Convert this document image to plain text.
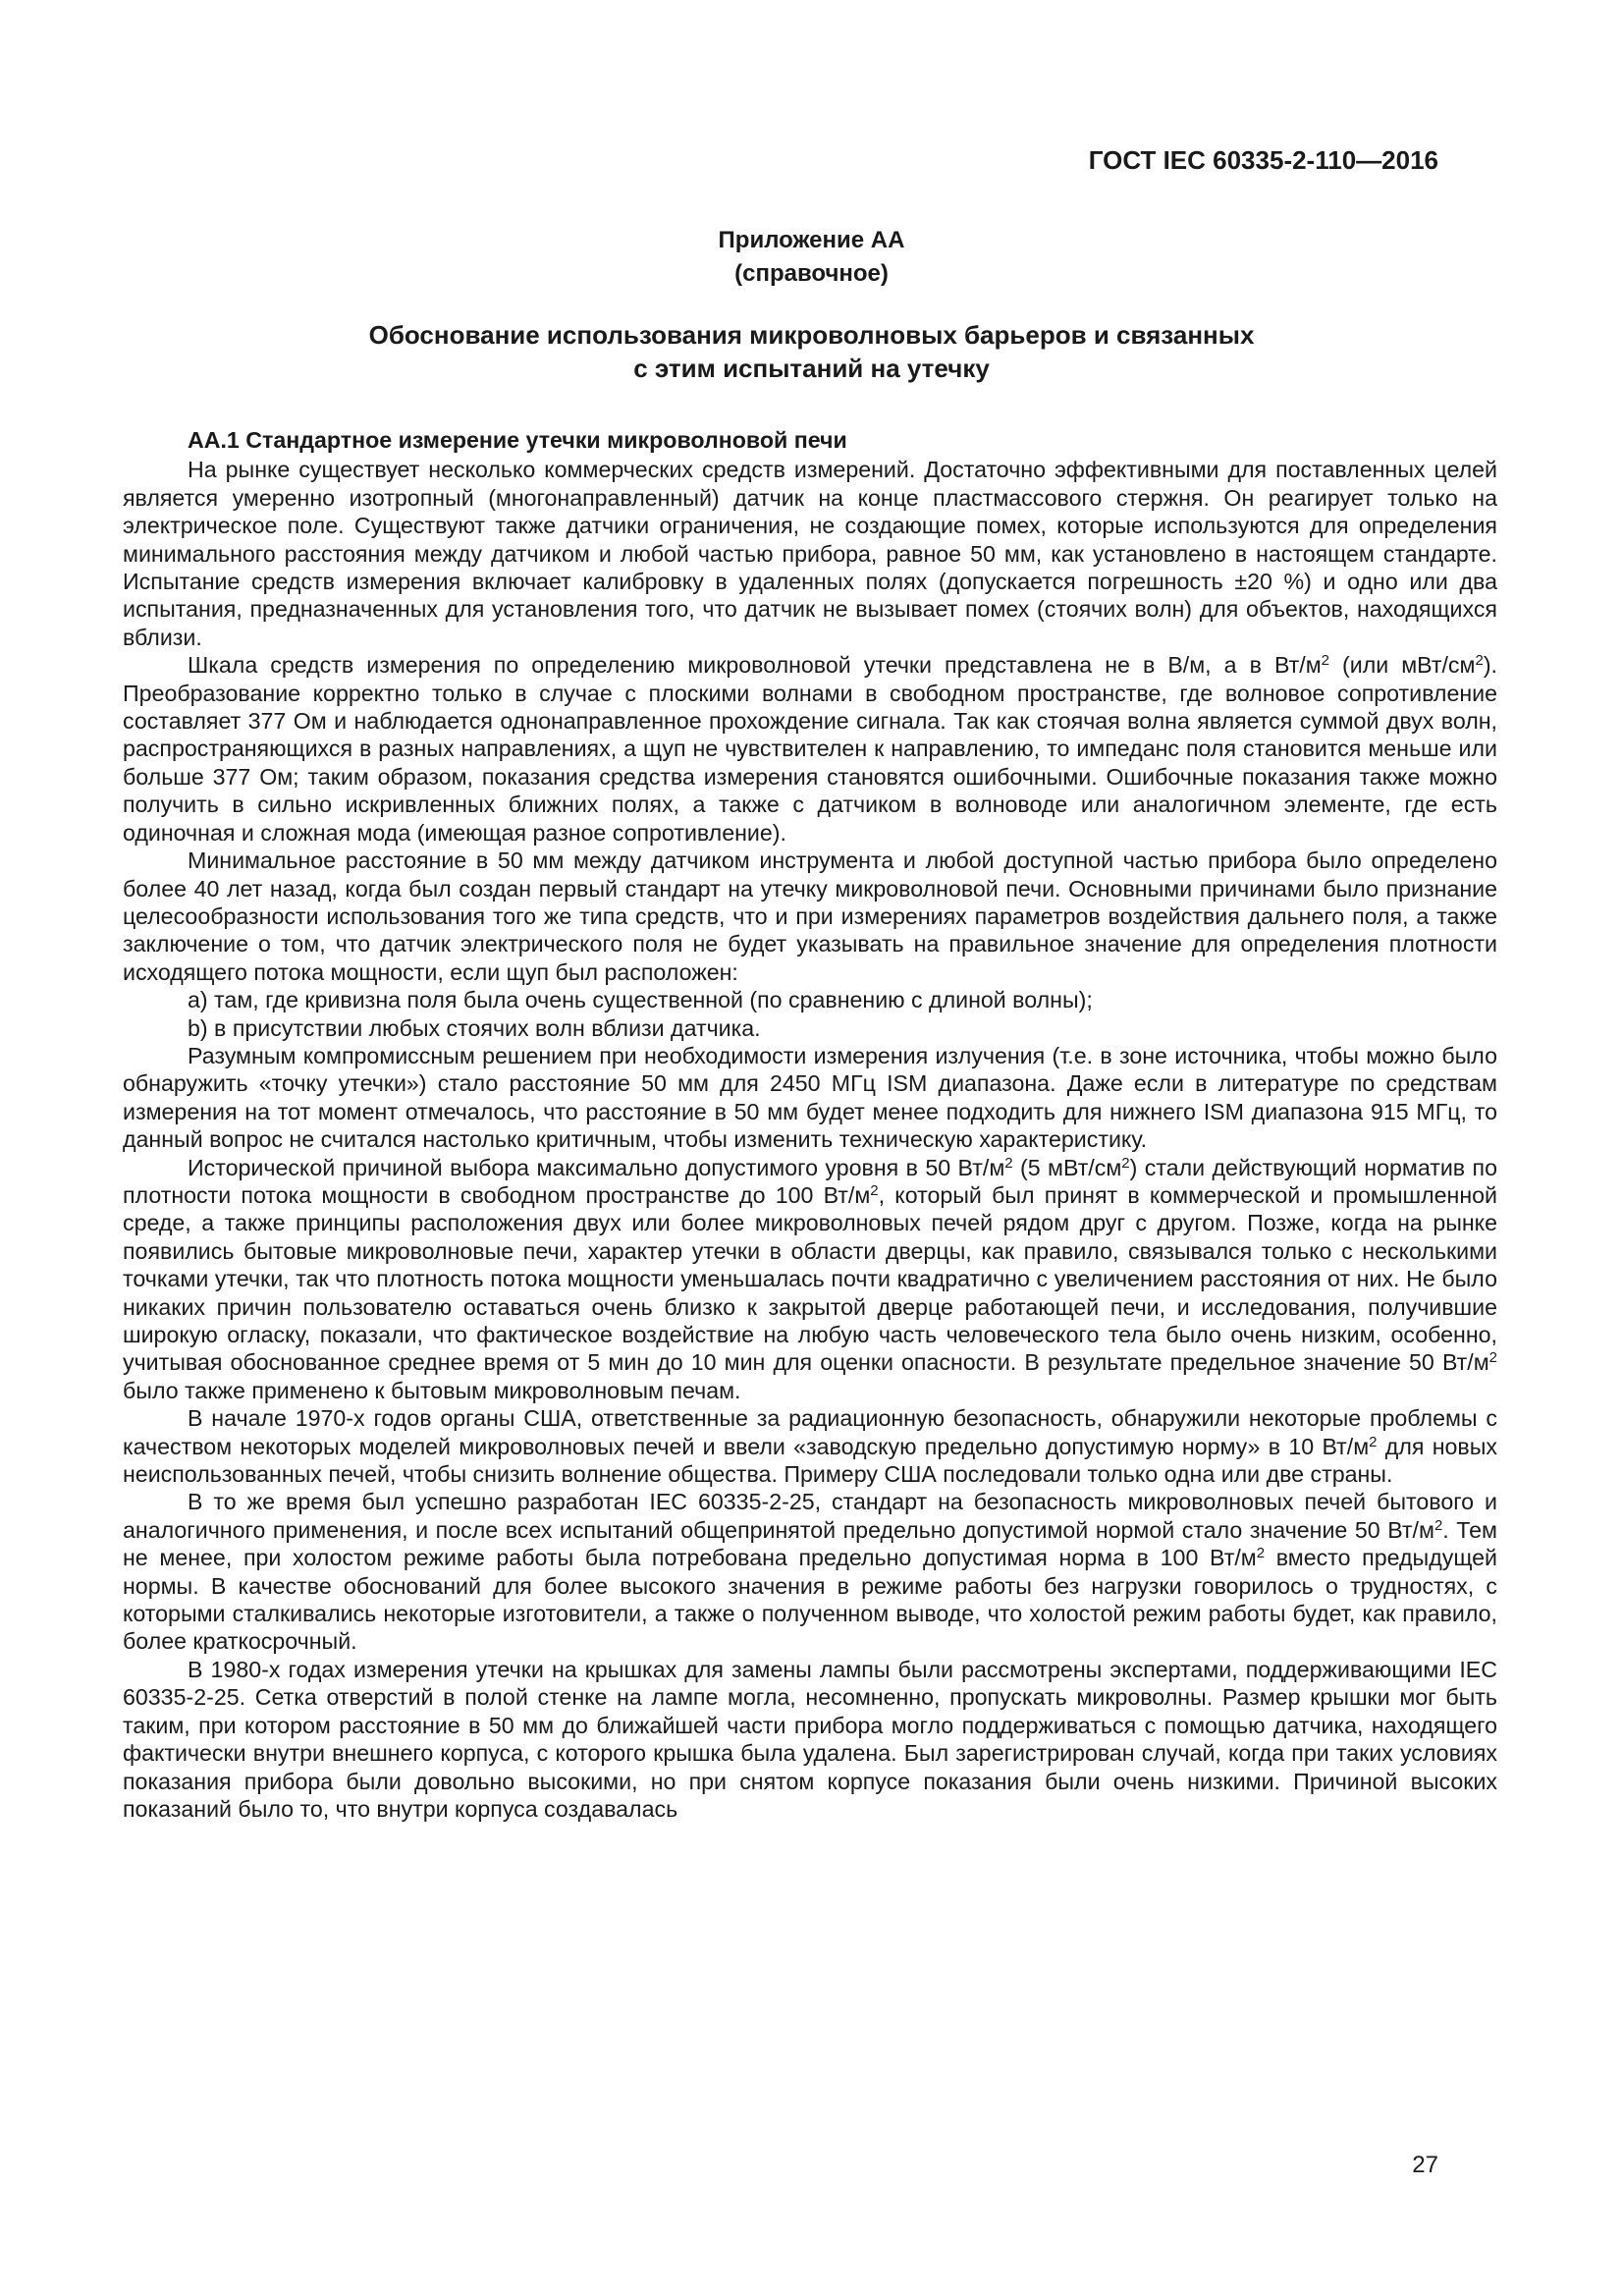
ГОСТ IEC 60335-2-110—2016
Приложение АА
(справочное)
Обоснование использования микроволновых барьеров и связанных
с этим испытаний на утечку
АА.1 Стандартное измерение утечки микроволновой печи

На рынке существует несколько коммерческих средств измерений. Достаточно эффективными для поставленных целей является умеренно изотропный (многонаправленный) датчик на конце пластмассового стержня. Он реагирует только на электрическое поле. Существуют также датчики ограничения, не создающие помех, которые используются для определения минимального расстояния между датчиком и любой частью прибора, равное 50 мм, как установлено в настоящем стандарте. Испытание средств измерения включает калибровку в удаленных полях (допускается погрешность ±20 %) и одно или два испытания, предназначенных для установления того, что датчик не вызывает помех (стоячих волн) для объектов, находящихся вблизи.

Шкала средств измерения по определению микроволновой утечки представлена не в В/м, а в $Вт/м^2$ (или мВт/$см^2$). Преобразование корректно только в случае с плоскими волнами в свободном пространстве, где волновое сопротивление составляет 377 Ом и наблюдается однонаправленное прохождение сигнала. Так как стоячая волна является суммой двух волн, распространяющихся в разных направлениях, а щуп не чувствителен к направлению, то импеданс поля становится меньше или больше 377 Ом; таким образом, показания средства измерения становятся ошибочными. Ошибочные показания также можно получить в сильно искривленных ближних полях, а также с датчиком в волноводе или аналогичном элементе, где есть одиночная и сложная мода (имеющая разное сопротивление).

Минимальное расстояние в 50 мм между датчиком инструмента и любой доступной частью прибора было определено более 40 лет назад, когда был создан первый стандарт на утечку микроволновой печи. Основными причинами было признание целесообразности использования того же типа средств, что и при измерениях параметров воздействия дальнего поля, а также заключение о том, что датчик электрического поля не будет указывать на правильное значение для определения плотности исходящего потока мощности, если щуп был расположен:

а) там, где кривизна поля была очень существенной (по сравнению с длиной волны);

b) в присутствии любых стоячих волн вблизи датчика.

Разумным компромиссным решением при необходимости измерения излучения (т.е. в зоне источника, чтобы можно было обнаружить «точку утечки») стало расстояние 50 мм для 2450 МГц ISM диапазона. Даже если в литературе по средствам измерения на тот момент отмечалось, что расстояние в 50 мм будет менее подходить для нижнего ISM диапазона 915 МГц, то данный вопрос не считался настолько критичным, чтобы изменить техническую характеристику.

Исторической причиной выбора максимально допустимого уровня в 50 $Вт/м^2$ (5 мВт/$см^2$) стали действующий норматив по плотности потока мощности в свободном пространстве до 100 $Вт/м^2$, который был принят в коммерческой и промышленной среде, а также принципы расположения двух или более микроволновых печей рядом друг с другом. Позже, когда на рынке появились бытовые микроволновые печи, характер утечки в области дверцы, как правило, связывался только с несколькими точками утечки, так что плотность потока мощности уменьшалась почти квадратично с увеличением расстояния от них. Не было никаких причин пользователю оставаться очень близко к закрытой дверце работающей печи, и исследования, получившие широкую огласку, показали, что фактическое воздействие на любую часть человеческого тела было очень низким, особенно, учитывая обоснованное среднее время от 5 мин до 10 мин для оценки опасности. В результате предельное значение 50 $Вт/м^2$ было также применено к бытовым микроволновым печам.

В начале 1970-х годов органы США, ответственные за радиационную безопасность, обнаружили некоторые проблемы с качеством некоторых моделей микроволновых печей и ввели «заводскую предельно допустимую норму» в 10 $Вт/м^2$ для новых неиспользованных печей, чтобы снизить волнение общества. Примеру США последовали только одна или две страны.

В то же время был успешно разработан IEC 60335-2-25, стандарт на безопасность микроволновых печей бытового и аналогичного применения, и после всех испытаний общепринятой предельно допустимой нормой стало значение 50 $Вт/м^2$. Тем не менее, при холостом режиме работы была потребована предельно допустимая норма в 100 $Вт/м^2$ вместо предыдущей нормы. В качестве обоснований для более высокого значения в режиме работы без нагрузки говорилось о трудностях, с которыми сталкивались некоторые изготовители, а также о полученном выводе, что холостой режим работы будет, как правило, более краткосрочный.

В 1980-х годах измерения утечки на крышках для замены лампы были рассмотрены экспертами, поддерживающими IEC 60335-2-25. Сетка отверстий в полой стенке на лампе могла, несомненно, пропускать микроволны. Размер крышки мог быть таким, при котором расстояние в 50 мм до ближайшей части прибора могло поддерживаться с помощью датчика, находящего фактически внутри внешнего корпуса, с которого крышка была удалена. Был зарегистрирован случай, когда при таких условиях показания прибора были довольно высокими, но при снятом корпусе показания были очень низкими. Причиной высоких показаний было то, что внутри корпуса создавалась

27
